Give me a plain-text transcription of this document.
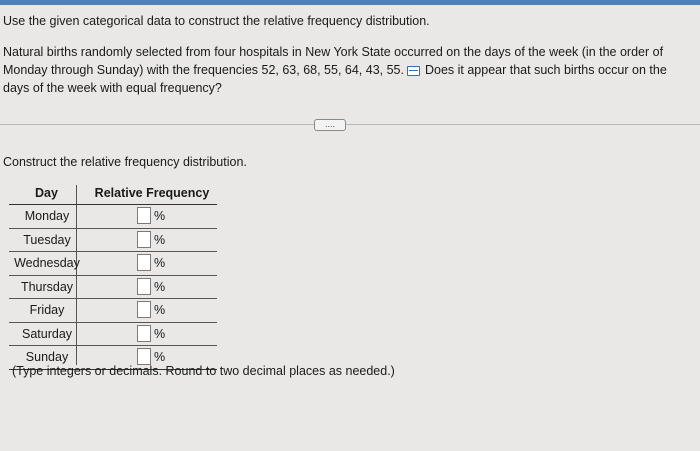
Use the given categorical data to construct the relative frequency distribution.
Natural births randomly selected from four hospitals in New York State occurred on the days of the week (in the order of Monday through Sunday) with the frequencies 52, 63, 68, 55, 64, 43, 55. Does it appear that such births occur on the days of the week with equal frequency?
....
Construct the relative frequency distribution.
Day	Relative Frequency
Monday	%
Tuesday	%
Wednesday	%
Thursday	%
Friday	%
Saturday	%
Sunday	%
(Type integers or decimals. Round to two decimal places as needed.)
